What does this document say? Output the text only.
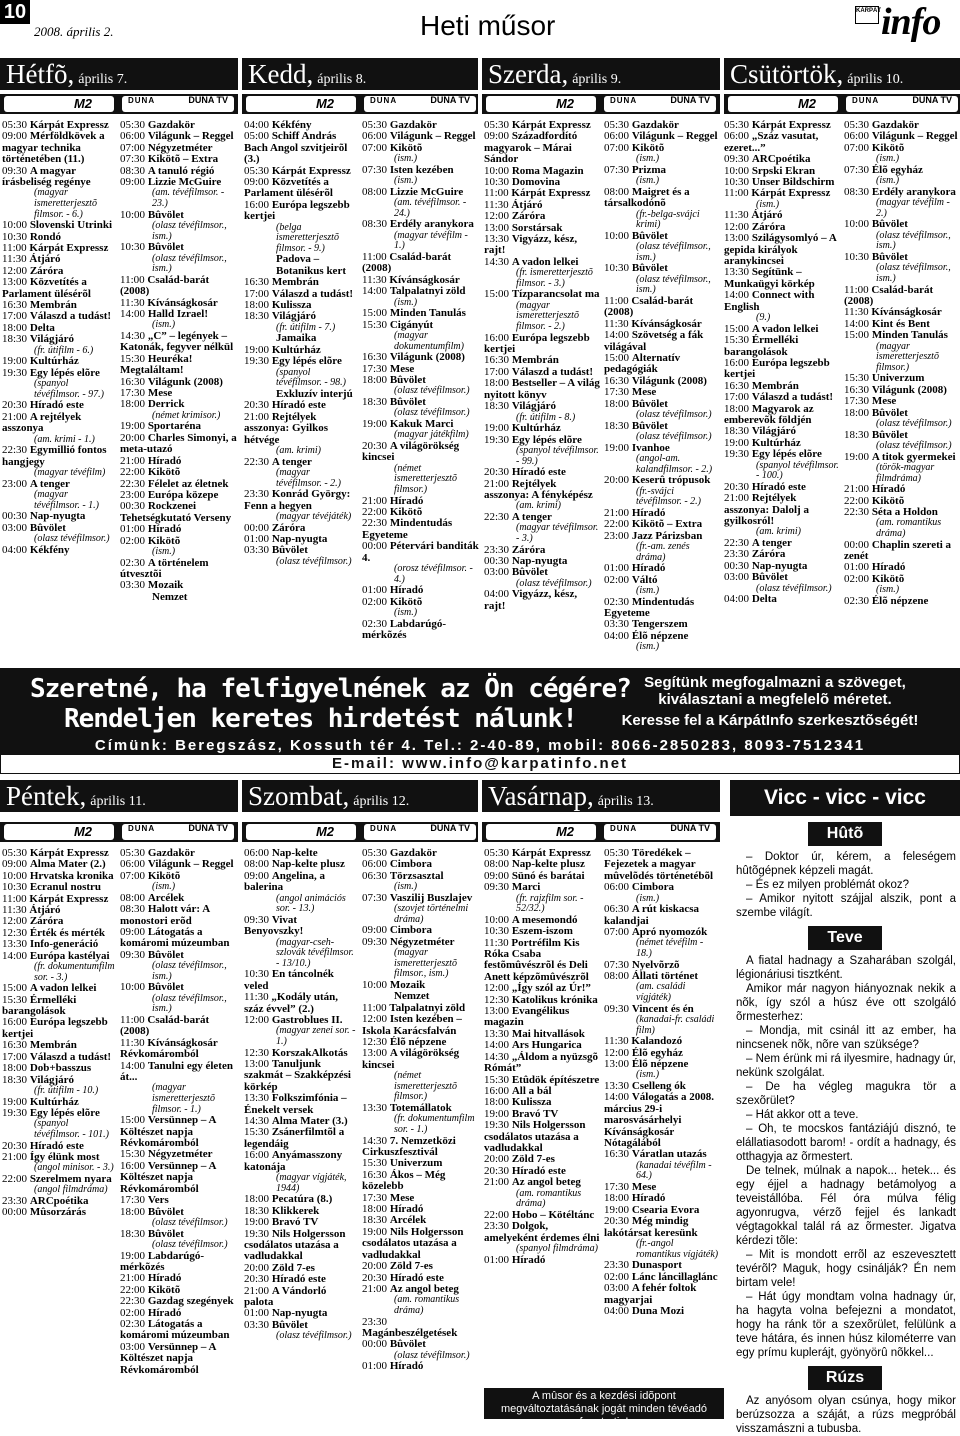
10
2008. április 2.	Heti műsor	KÁRPÁT info
Hétfõ, április 7.	Kedd, április 8.	Szerda, április 9.	Csütörtök, április 10.
Péntek, április 11.	Szombat, április 12.	Vasárnap, április 13.
M2	DUNA	DUNA TV	M2	DUNA	DUNA TV	M2	DUNA	DUNA TV	M2	DUNA	DUNA TV
M2	DUNA	DUNA TV	M2	DUNA	DUNA TV	M2	DUNA	DUNA TV
05:30 Kárpát Expressz
09:00 Mérföldkövek a magyar technika történetében (11.)
09:30 A magyar írásbeliség regénye
(magyar ismeretterjesztõ filmsor. - 6.)
10:00 Slovenski Utrinki
10:30 Rondó
11:00 Kárpát Expressz
11:30 Átjáró
12:00 Záróra
13:00 Közvetítés a Parlament ülésérõl
16:30 Membrán
17:00 Válaszd a tudást!
18:00 Delta
18:30 Világjáró
(fr. útifilm - 6.)
19:00 Kultúrház
19:30 Egy lépés elõre
(spanyol tévéfilmsor. - 97.)
20:30 Híradó este
21:00 A rejtélyek asszonya
(am. krimi - 1.)
22:30 Egymillió fontos hangjegy
(magyar tévéfilm)
23:00 A tenger
(magyar tévéfilmsor. - 1.)
00:30 Nap-nyugta
03:00 Bûvölet
(olasz tévéfilmsor.)
04:00 Kékfény
05:30 Gazdakör
06:00 Világunk – Reggel
07:00 Négyzetméter
07:30 Kikötõ – Extra
08:30 A tanuló régió
09:00 Lizzie McGuire
(am. tévéfilmsor. - 23.)
10:00 Bûvölet
(olasz tévéfilmsor., ism.)
10:30 Bûvölet
(olasz tévéfilmsor., ism.)
11:00 Család-barát (2008)
11:30 Kívánságkosár
14:00 Halld Izrael!
(ism.)
14:30 „C” – legények – Katonák, fegyver nélkül
15:30 Heuréka! Megtaláltam!
16:30 Világunk (2008)
17:30 Mese
18:00 Derrick
(német krimisor.)
19:00 Sportaréna
20:00 Charles Simonyi, a meta-utazó
21:00 Híradó
22:00 Kikötõ
22:30 Félelet az életnek
23:00 Európa közepe
00:30 Rockzenei Tehetségkutató Verseny
01:00 Híradó
02:00 Kikötõ
(ism.)
02:30 A történelem útvesztõi
03:30 Mozaik
Nemzet
04:00 Kékfény
05:00 Schiff András Bach Angol szvitjeirõl (3.)
05:30 Kárpát Expressz
09:00 Közvetítés a Parlament ülésérõl
16:00 Európa legszebb kertjei
(belga ismeretterjesztõ filmsor. - 9.)
Padova – Botanikus kert
16:30 Membrán
17:00 Válaszd a tudást!
18:00 Kulissza
18:30 Világjáró
(fr. útifilm - 7.)
Jamaika
19:00 Kultúrház
19:30 Egy lépés elõre
(spanyol tévéfilmsor. - 98.)
Exkluzív interjú
20:30 Híradó este
21:00 Rejtélyek asszonya: Gyilkos hétvége
(am. krimi)
22:30 A tenger
(magyar tévéfilmsor. - 2.)
23:30 Konrád György: Fenn a hegyen
(magyar tévéjáték)
00:00 Záróra
01:00 Nap-nyugta
03:30 Bûvölet
(olasz tévéfilmsor.)
05:30 Gazdakör
06:00 Világunk – Reggel
07:00 Kikötõ
(ism.)
07:30 Isten kezében
(ism.)
08:00 Lizzie McGuire
(am. tévéfilmsor. - 24.)
08:30 Erdély aranykora
(magyar tévéfilm - 1.)
11:00 Család-barát (2008)
11:30 Kívánságkosár
14:00 Talpalatnyi zöld
(ism.)
15:00 Minden Tanulás
15:30 Cigányút
(magyar dokumentumfilm)
16:30 Világunk (2008)
17:30 Mese
18:00 Bûvölet
(olasz tévéfilmsor.)
18:30 Bûvölet
(olasz tévéfilmsor.)
19:00 Kakuk Marci
(magyar játékfilm)
20:30 A világörökség kincsei
(német ismeretterjesztõ filmsor.)
21:00 Híradó
22:00 Kikötõ
22:30 Mindentudás Egyeteme
00:00 Pétervári banditák 4.
(orosz tévéfilmsor. - 4.)
01:00 Híradó
02:00 Kikötõ
(ism.)
02:30 Labdarúgó-mérkõzés
05:30 Kárpát Expressz
09:00 Századfordító magyarok – Márai Sándor
10:00 Roma Magazin
10:30 Domovina
11:00 Kárpát Expressz
11:30 Átjáró
12:00 Záróra
13:00 Sorstársak
13:30 Vigyázz, kész, rajt!
14:30 A vadon lelkei
(fr. ismeretterjesztõ filmsor. - 3.)
15:00 Tízparancsolat ma
(magyar ismeretterjesztõ filmsor. - 2.)
16:00 Európa legszebb kertjei
16:30 Membrán
17:00 Válaszd a tudást!
18:00 Bestseller – A világ nyitott könyv
18:30 Világjáró
(fr. útifilm - 8.)
19:00 Kultúrház
19:30 Egy lépés elõre
(spanyol tévéfilmsor. - 99.)
20:30 Híradó este
21:00 Rejtélyek asszonya: A fényképész
(am. krimi)
22:30 A tenger
(magyar tévéfilmsor. - 3.)
23:30 Záróra
00:30 Nap-nyugta
03:00 Bûvölet
(olasz tévéfilmsor.)
04:00 Vigyázz, kész, rajt!
05:30 Gazdakör
06:00 Világunk – Reggel
07:00 Kikötõ
(ism.)
07:30 Prizma
(ism.)
08:00 Maigret és a társalkodónõ
(fr.-belga-svájci krimi)
10:00 Bûvölet
(olasz tévéfilmsor., ism.)
10:30 Bûvölet
(olasz tévéfilmsor., ism.)
11:00 Család-barát (2008)
11:30 Kívánságkosár
14:00 Szövetség a fák világával
15:00 Alternatív pedagógiák
16:30 Világunk (2008)
17:30 Mese
18:00 Bûvölet
(olasz tévéfilmsor.)
18:30 Bûvölet
(olasz tévéfilmsor.)
19:00 Ivanhoe
(angol-am. kalandfilmsor. - 2.)
20:00 Keserû trópusok
(fr.-svájci tévéfilmsor. - 2.)
21:00 Híradó
22:00 Kikötõ – Extra
23:00 Jazz Párizsban
(fr.-am. zenés dráma)
01:00 Híradó
02:00 Váltó
(ism.)
02:30 Mindentudás Egyeteme
03:30 Tengerszem
04:00 Élõ népzene
(ism.)
05:30 Kárpát Expressz
06:00 „Száz vasutat, ezeret...”
09:30 ARCpoétika
10:00 Srpski Ekran
10:30 Unser Bildschirm
11:00 Kárpát Expressz
(ism.)
11:30 Átjáró
12:00 Záróra
13:00 Szilágysomlyó – A gepida királyok aranykincsei
13:30 Segítünk – Munkaügyi körkép
14:00 Connect with English
(9.)
15:00 A vadon lelkei
15:30 Érmelléki barangolások
16:00 Európa legszebb kertjei
16:30 Membrán
17:00 Válaszd a tudást!
18:00 Magyarok az emberevõk földjén
18:30 Világjáró
19:00 Kultúrház
19:30 Egy lépés elõre
(spanyol tévéfilmsor. - 100.)
20:30 Híradó este
21:00 Rejtélyek asszonya: Dalolj a gyilkosról!
(am. krimi)
22:30 A tenger
23:30 Záróra
00:30 Nap-nyugta
03:00 Bûvölet
(olasz tévéfilmsor.)
04:00 Delta
05:30 Gazdakör
06:00 Világunk – Reggel
07:00 Kikötõ
(ism.)
07:30 Élõ egyház
(ism.)
08:30 Erdély aranykora
(magyar tévéfilm - 2.)
10:00 Bûvölet
(olasz tévéfilmsor., ism.)
10:30 Bûvölet
(olasz tévéfilmsor., ism.)
11:00 Család-barát (2008)
11:30 Kívánságkosár
14:00 Kint és Bent
15:00 Minden Tanulás
(magyar ismeretterjesztõ filmsor.)
15:30 Univerzum
16:30 Világunk (2008)
17:30 Mese
18:00 Bûvölet
(olasz tévéfilmsor.)
18:30 Bûvölet
(olasz tévéfilmsor.)
19:00 A titok gyermekei
(török-magyar filmdráma)
21:00 Híradó
22:00 Kikötõ
22:30 Séta a Holdon
(am. romantikus dráma)
00:00 Chaplin szereti a zenét
01:00 Híradó
02:00 Kikötõ
(ism.)
02:30 Élõ népzene
05:30 Kárpát Expressz
09:00 Alma Mater (2.)
10:00 Hrvatska kronika
10:30 Ecranul nostru
11:00 Kárpát Expressz
11:30 Átjáró
12:00 Záróra
12:30 Érték és mérték
13:30 Info-generáció
14:00 Európa kastélyai
(fr. dokumentumfilm sor. - 3.)
15:00 A vadon lelkei
15:30 Érmelléki barangolások
16:00 Európa legszebb kertjei
16:30 Membrán
17:00 Válaszd a tudást!
18:00 Dob+basszus
18:30 Világjáró
(fr. útifilm - 10.)
19:00 Kultúrház
19:30 Egy lépés elõre
(spanyol tévéfilmsor. - 101.)
20:30 Híradó este
21:00 Így élünk most
(angol minisor. - 3.)
22:00 Szerelmem nyara
(angol filmdráma)
23:30 ARCpoétika
00:00 Mûsorzárás
05:30 Gazdakör
06:00 Világunk – Reggel
07:00 Kikötõ
(ism.)
08:00 Arcélek
08:30 Halott vár: A monostori erõd
09:00 Látogatás a komáromi múzeumban
09:30 Bûvölet
(olasz tévéfilmsor., ism.)
10:00 Bûvölet
(olasz tévéfilmsor., ism.)
11:00 Család-barát (2008)
11:30 Kívánságkosár Révkomáromból
14:00 Tanulni egy életen át...
(magyar ismeretterjesztõ filmsor. - 1.)
15:00 Versünnep – A Költészet napja Révkomáromból
15:30 Négyzetméter
16:00 Versünnep – A Költészet napja Révkomáromból
17:30 Vers
18:00 Bûvölet
(olasz tévéfilmsor.)
18:30 Bûvölet
(olasz tévéfilmsor.)
19:00 Labdarúgó-mérkõzés
21:00 Híradó
22:00 Kikötõ
22:30 Gazdag szegények
02:00 Híradó
02:30 Látogatás a komáromi múzeumban
03:00 Versünnep – A Költészet napja Révkomáromból
06:00 Nap-kelte
08:00 Nap-kelte plusz
09:00 Angelina, a balerina
(angol animációs sor. - 13.)
09:30 Vivat Benyovszky!
(magyar-cseh-szlovák tévéfilmsor. - 13/10.)
10:30 En táncolnék veled
11:30 „Kodály után, száz évvel” (2.)
12:00 Gastroblues II.
(magyar zenei sor. - 1.)
12:30 KorszakAlkotás
13:00 Tanuljunk szakmát – Szakképzési körkép
13:30 Folkszimfónia – Énekelt versek
14:30 Alma Mater (3.)
15:30 Zsánerfilmtõl a legendáig
16:00 Anyámasszony katonája
(magyar vígjáték, 1944)
18:00 Pecatúra (8.)
18:30 Klikkerek
19:00 Bravó TV
19:30 Nils Holgersson csodálatos utazása a vadludakkal
20:00 Zöld 7-es
20:30 Híradó este
21:00 A Vándorló palota
01:00 Nap-nyugta
03:30 Bûvölet
(olasz tévéfilmsor.)
05:30 Gazdakör
06:00 Cimbora
06:30 Törzsasztal
(ism.)
07:30 Vaszilij Buszlajev
(szovjet történelmi dráma)
09:00 Cimbora
09:30 Négyzetméter
(magyar ismeretterjesztõ filmsor., ism.)
10:00 Mozaik
Nemzet
11:00 Talpalatnyi zöld
12:00 Isten kezében – Iskola Karácsfalván
12:30 Élõ népzene
13:00 A világörökség kincsei
(német ismeretterjesztõ filmsor.)
13:30 Totemállatok
(fr. dokumentumfilm sor. - 1.)
14:30 7. Nemzetközi Cirkuszfesztivál
15:30 Univerzum
16:30 Ákos – Még közelebb
17:30 Mese
18:00 Híradó
18:30 Arcélek
19:00 Nils Holgersson csodálatos utazása a vadludakkal
20:00 Zöld 7-es
20:30 Híradó este
21:00 Az angol beteg
(am. romantikus dráma)
23:30 Magánbeszélgetések
00:00 Bûvölet
(olasz tévéfilmsor.)
01:00 Híradó
05:30 Kárpát Expressz
08:00 Nap-kelte plusz
09:00 Sünó és barátai
09:30 Marci
(fr. rajzfilm sor. - 52/32.)
10:00 A mesemondó
10:30 Eszem-iszom
11:30 Portréfilm Kis Róka Csaba festõmûvészrõl és Deli Anett képzõmûvészrõl
12:00 „Így szól az Úr!”
12:30 Katolikus krónika
13:00 Evangélikus magazin
13:30 Mai hitvallások
14:00 Ars Hungarica
14:30 „Áldom a nyüzsgõ Rómát”
15:30 Etûdök építészetre
16:00 All a bál
18:00 Kulissza
19:00 Bravó TV
19:30 Nils Holgersson csodálatos utazása a vadludakkal
20:00 Zöld 7-es
20:30 Híradó este
21:00 Az angol beteg
(am. romantikus dráma)
22:00 Hobo – Kötéltánc
23:30 Dolgok, amelyeként érdemes élni
(spanyol filmdráma)
01:00 Híradó
05:30 Töredékek – Fejezetek a magyar mûvelõdés történetébõl
06:00 Cimbora
(ism.)
06:30 A rút kiskacsa kalandjai
07:00 Apró nyomozók
(német tévéfilm - 18.)
07:30 Nyelvõrzõ
08:00 Állati történet
(am. családi vígjáték)
09:30 Vincent és én
(kanadai-fr. családi film)
11:30 Kalandozó
12:00 Élõ egyház
13:00 Élõ népzene
(ism.)
13:30 Cselleng ók
14:00 Válogatás a 2008. március 29-i marosvásárhelyi Kívánságkosár Nótagálából
16:30 Váratlan utazás
(kanadai tévéfilm - 64.)
17:30 Mese
18:00 Híradó
19:00 Csearia Evora
20:30 Még mindig lakótársat keresünk
(fr.-angol romantikus vígjáték)
23:30 Dunasport
02:00 Lánc láncillaglánc
03:00 A fehér foltok magyarjai
04:00 Duna Mozi
Szeretné, ha felfigyelnének az Ön cégére?
Rendeljen keretes hirdetést nálunk!
Segítünk megfogalmazni a szöveget, kiválasztani a megfelelõ méretet.
Keresse fel a KárpátInfo szerkesztõségét!
Címünk: Beregszász, Kossuth tér 4. Tel.: 2-40-89, mobil: 8066-2850283, 8093-7512341
E-mail: www.info@karpatinfo.net
Vicc - vicc - vicc
Hûtõ

– Doktor úr, kérem, a feleségem hûtõgépnek képzeli magát.

– És ez milyen problémát okoz?

– Amikor nyitott szájjal alszik, pont a szembe világít.

Teve

A fiatal hadnagy a Szaharában szolgál, légionáriusi tisztként.

Amikor már nagyon hiányoznak nekik a nõk, így szól a húsz éve ott szolgáló õrmesterhez:

– Mondja, mit csinál itt az ember, ha nincsenek nõk, nõre van szüksége?

– Nem érünk mi rá ilyesmire, hadnagy úr, nekünk szolgálat.

– De ha végleg magukra tör a szexõrület?

– Hát akkor ott a teve.

– Oh, te mocskos fantáziájú disznó, te elállatiasodott barom! - ordít a hadnagy, és otthagyja az õrmestert.

De telnek, múlnak a napok... hetek... és egy éjjel a hadnagy betámolyog a teveistállóba. Fél óra múlva félig agyonrugva, vérzõ fejjel és lankadt végtagokkal talál rá az õrmester. Jigatva kérdezi tõle:

– Mit is mondott errõl az eszevesztett tevérõl? Maguk, hogy csinálják? Én nem birtam vele!

– Hát úgy mondtam volna hadnagy úr, ha hagyta volna befejezni a mondatot, hogy ha ránk tör a szexõrület, felülünk a teve hátára, és innen húsz kilométerre van egy prímu kuplerájt, gyönyörû nõkkel...

Rúzs

Az anyósom olyan csúnya, hogy mikor berúzsozza a száját, a rúzs megpróbál visszamászni a tubusba.

A mûsor és a kezdési idõpont megváltoztatásának jogát minden tévéadó fenntartja!
